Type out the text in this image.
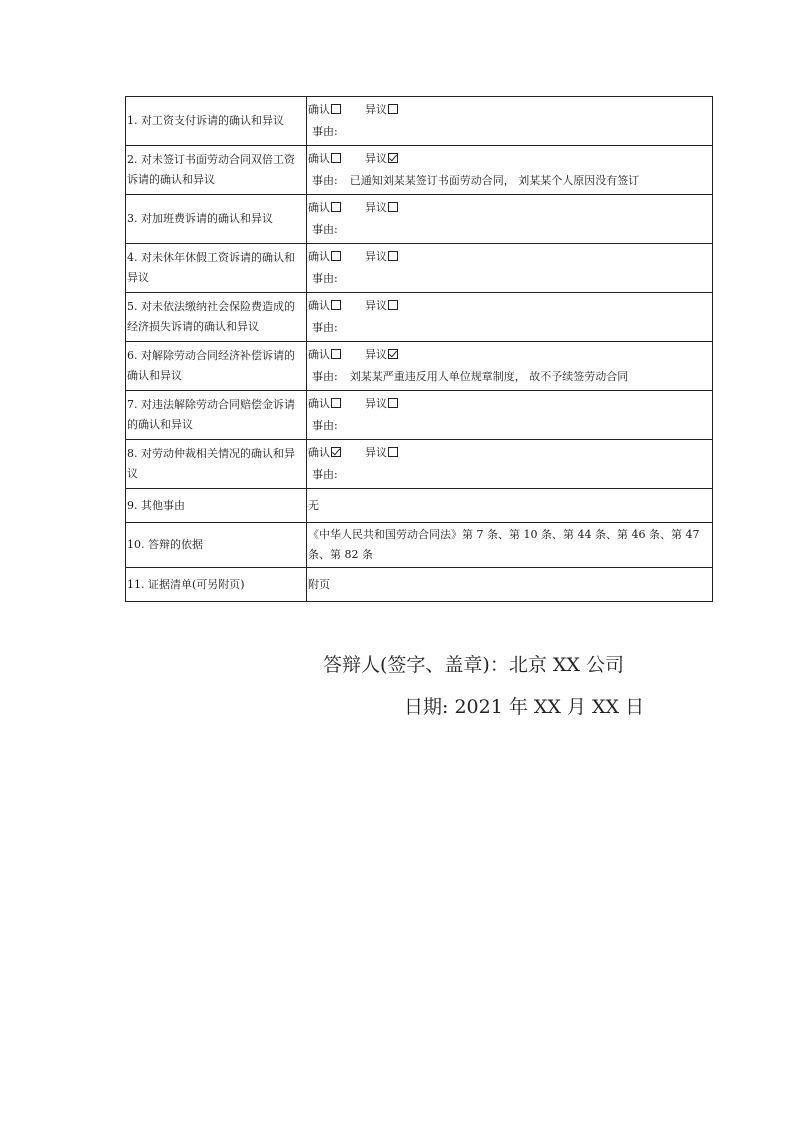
1. 对工资支付诉请的确认和异议	确认 异议
事由:

2. 对未签订书面劳动合同双倍工资诉请的确认和异议	确认 异议
事由: 已通知刘某某签订书面劳动合同， 刘某某个人原因没有签订

3. 对加班费诉请的确认和异议	确认 异议
事由:

4. 对未休年休假工资诉请的确认和异议	确认 异议
事由:

5. 对未依法缴纳社会保险费造成的经济损失诉请的确认和异议	确认 异议
事由:

6. 对解除劳动合同经济补偿诉请的确认和异议	确认 异议
事由: 刘某某严重违反用人单位规章制度， 故不予续签劳动合同

7. 对违法解除劳动合同赔偿金诉请的确认和异议	确认 异议
事由:

8. 对劳动仲裁相关情况的确认和异议	确认 异议
事由:

9. 其他事由	无
10. 答辩的依据	《中华人民共和国劳动合同法》第 7 条、第 10 条、第 44 条、第 46 条、第 47 条、第 82 条
11. 证据清单(可另附页)	附页
答辩人(签字、盖章)：北京 XX 公司
日期: 2021 年 XX 月 XX 日
